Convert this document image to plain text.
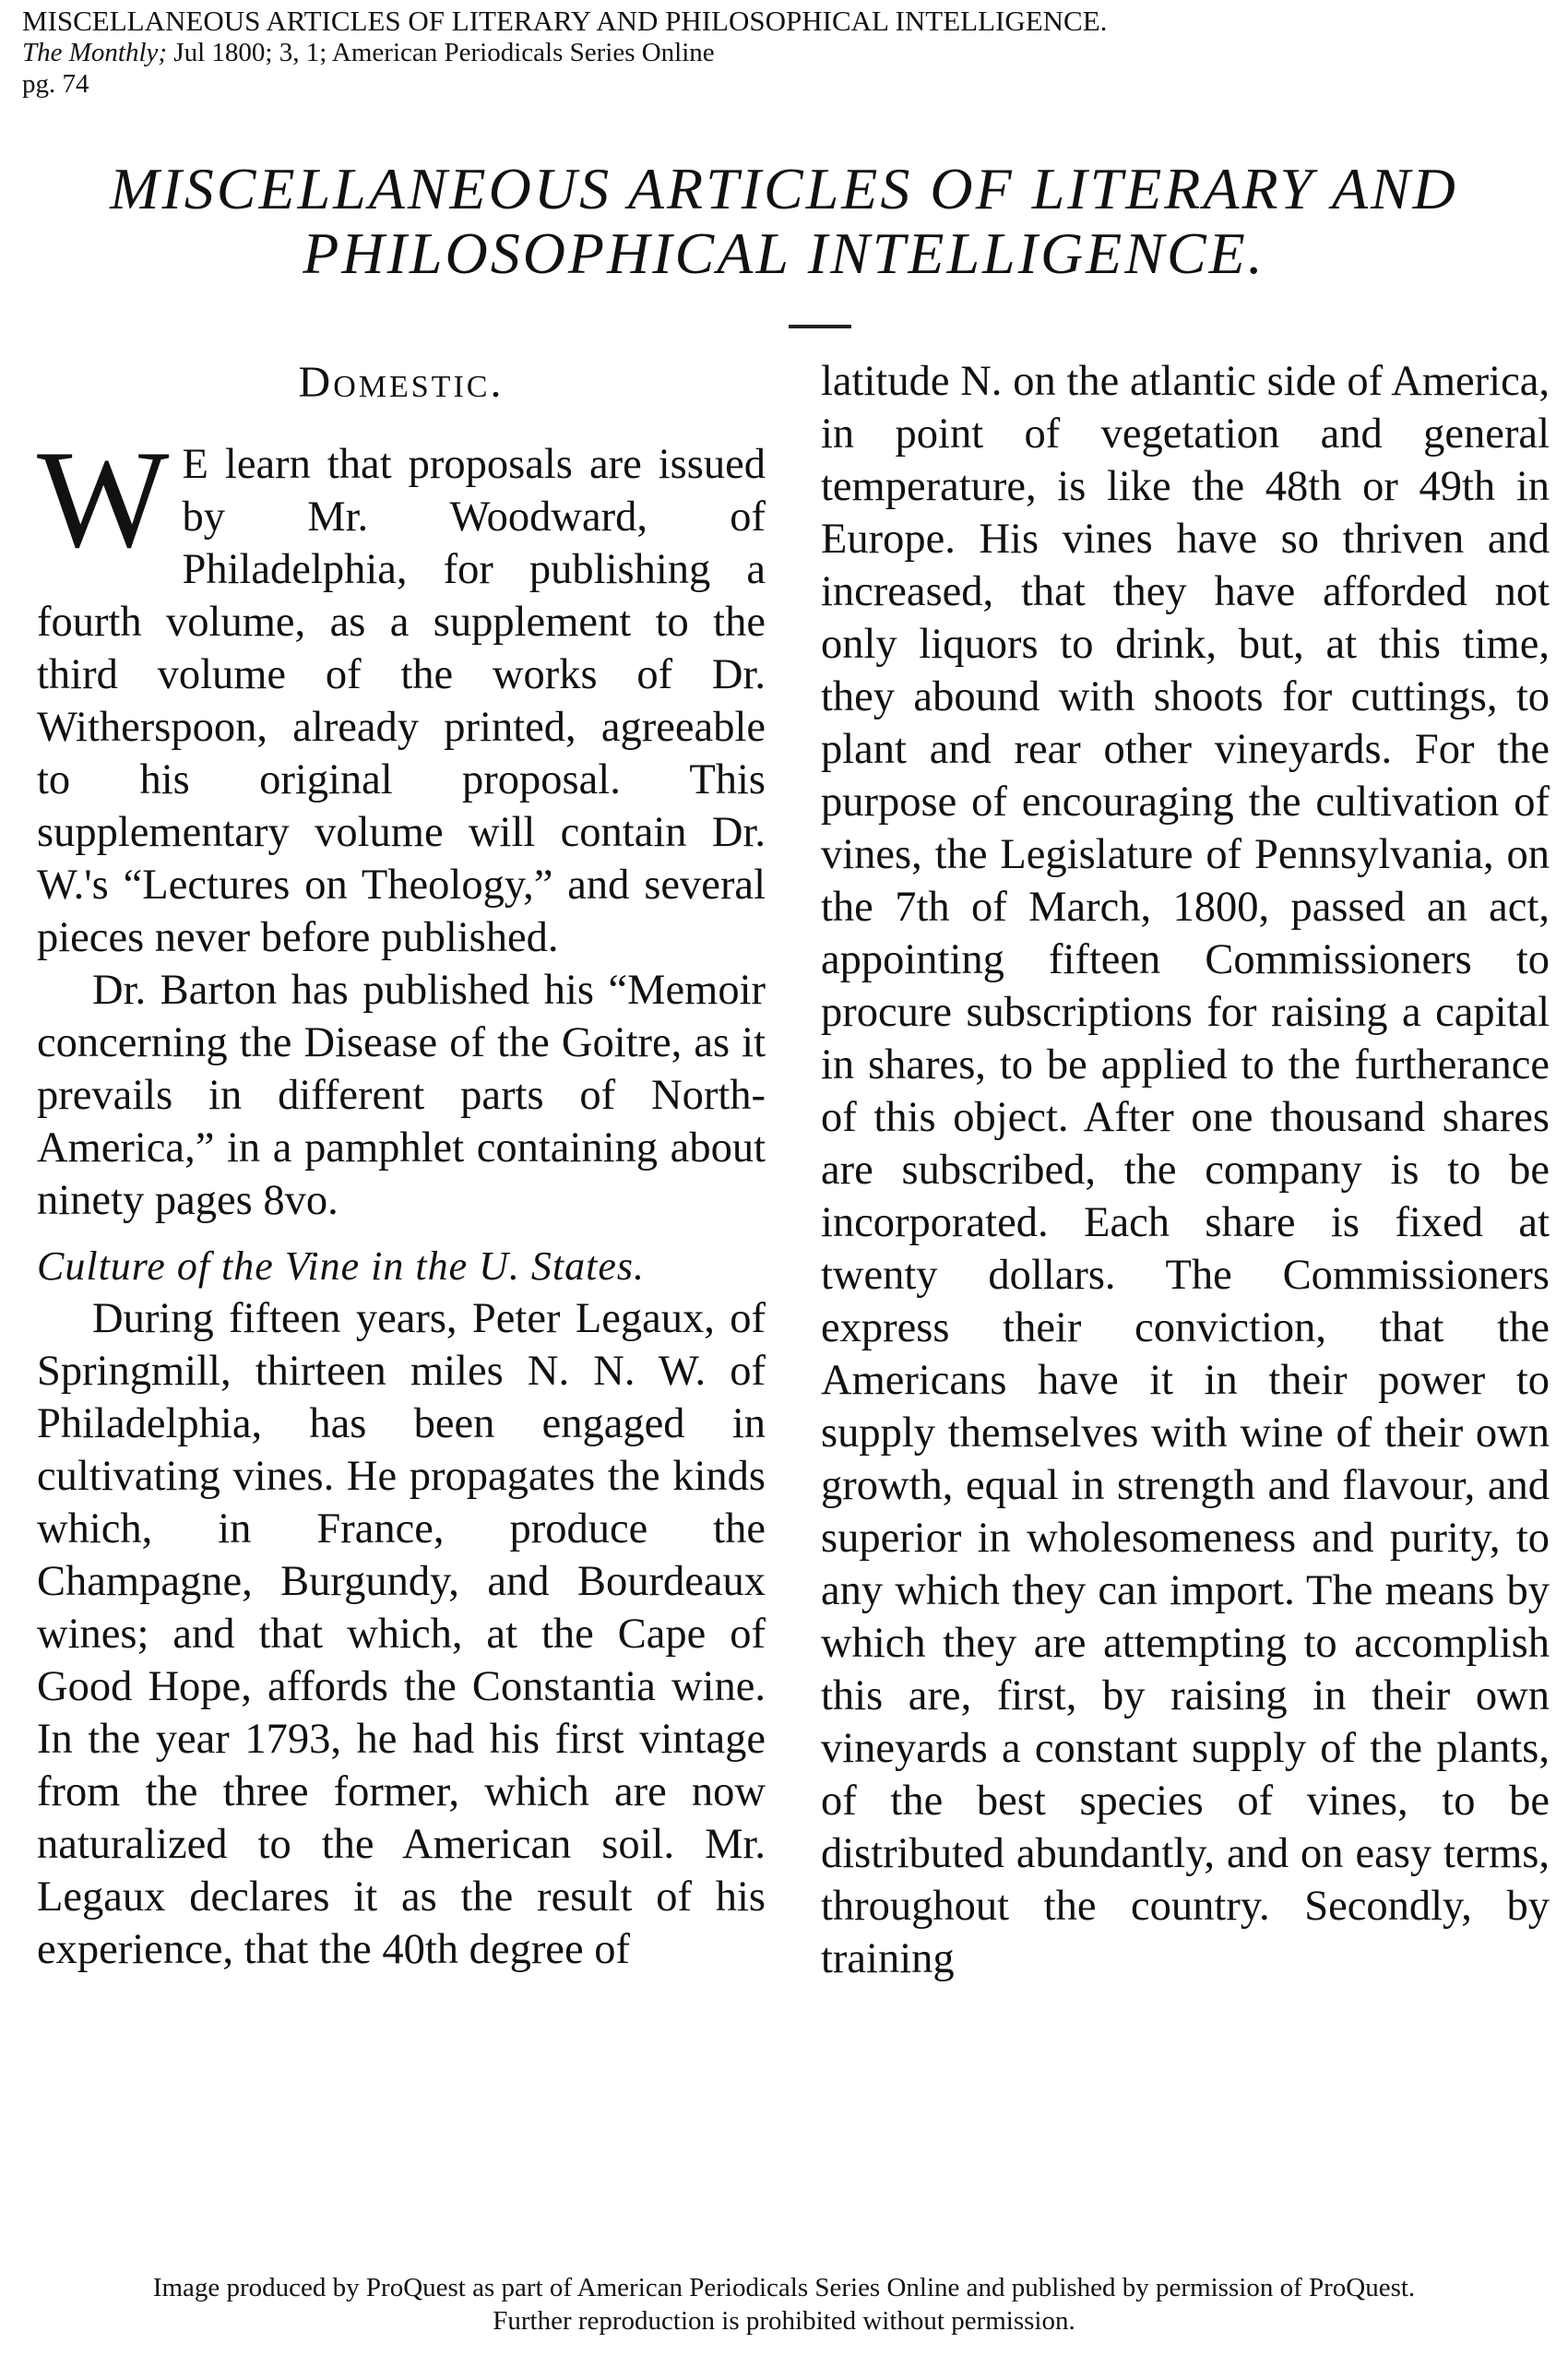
MISCELLANEOUS ARTICLES OF LITERARY AND PHILOSOPHICAL INTELLIGENCE.
The Monthly; Jul 1800; 3, 1; American Periodicals Series Online
pg. 74
MISCELLANEOUS ARTICLES OF LITERARY AND
PHILOSOPHICAL INTELLIGENCE.
Domestic.

W E learn that proposals are issued by Mr. Woodward, of Philadelphia, for publishing a fourth volume, as a supplement to the third volume of the works of Dr. Witherspoon, already printed, agreeable to his original proposal. This supplementary volume will contain Dr. W.'s “Lectures on Theology,” and several pieces never before published.

Dr. Barton has published his “Memoir concerning the Disease of the Goitre, as it prevails in different parts of North-America,” in a pamphlet containing about ninety pages 8vo.

Culture of the Vine in the U. States.

During fifteen years, Peter Legaux, of Springmill, thirteen miles N. N. W. of Philadelphia, has been engaged in cultivating vines. He propagates the kinds which, in France, produce the Champagne, Burgundy, and Bourdeaux wines; and that which, at the Cape of Good Hope, affords the Constantia wine. In the year 1793, he had his first vintage from the three former, which are now naturalized to the American soil. Mr. Legaux declares it as the result of his experience, that the 40th degree of

latitude N. on the atlantic side of America, in point of vegetation and general temperature, is like the 48th or 49th in Europe. His vines have so thriven and increased, that they have afforded not only liquors to drink, but, at this time, they abound with shoots for cuttings, to plant and rear other vineyards. For the purpose of encouraging the cultivation of vines, the Legislature of Pennsylvania, on the 7th of March, 1800, passed an act, appointing fifteen Commissioners to procure subscriptions for raising a capital in shares, to be applied to the furtherance of this object. After one thousand shares are subscribed, the company is to be incorporated. Each share is fixed at twenty dollars. The Commissioners express their conviction, that the Americans have it in their power to supply themselves with wine of their own growth, equal in strength and flavour, and superior in wholesomeness and purity, to any which they can import. The means by which they are attempting to accomplish this are, first, by raising in their own vineyards a constant supply of the plants, of the best species of vines, to be distributed abundantly, and on easy terms, throughout the country. Secondly, by training

Image produced by ProQuest as part of American Periodicals Series Online and published by permission of ProQuest.
Further reproduction is prohibited without permission.
